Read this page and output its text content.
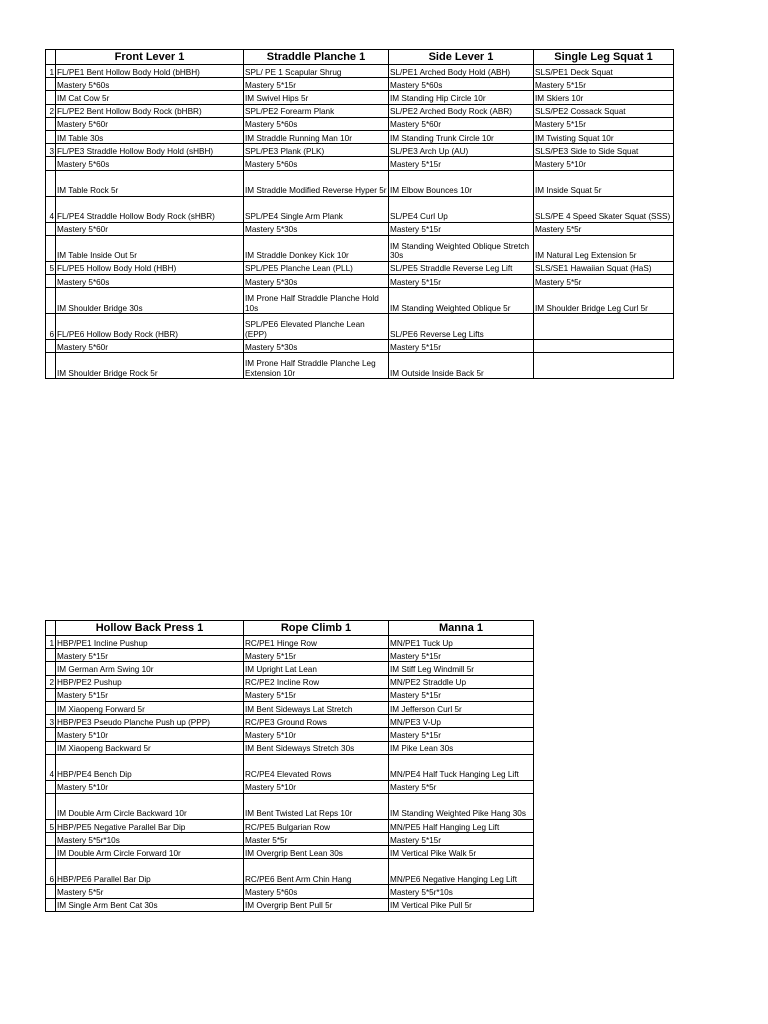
	Front Lever 1	Straddle Planche 1	Side Lever 1	Single Leg Squat 1
1	FL/PE1 Bent Hollow Body Hold (bHBH)	SPL/ PE 1 Scapular Shrug	SL/PE1 Arched Body Hold (ABH)	SLS/PE1 Deck Squat
	Mastery 5*60s	Mastery 5*15r	Mastery 5*60s	Mastery 5*15r
	IM Cat Cow 5r	IM Swivel Hips 5r	IM Standing Hip Circle 10r	IM Skiers 10r
2	FL/PE2 Bent Hollow Body Rock (bHBR)	SPL/PE2 Forearm Plank	SL/PE2 Arched Body Rock (ABR)	SLS/PE2 Cossack Squat
	Mastery 5*60r	Mastery 5*60s	Mastery 5*60r	Mastery 5*15r
	IM Table 30s	IM Straddle Running Man 10r	IM Standing Trunk Circle 10r	IM Twisting Squat 10r
3	FL/PE3 Straddle Hollow Body Hold (sHBH)	SPL/PE3 Plank (PLK)	SL/PE3 Arch Up (AU)	SLS/PE3 Side to Side Squat
	Mastery 5*60s	Mastery 5*60s	Mastery 5*15r	Mastery 5*10r
	IM Table Rock 5r	IM Straddle Modified Reverse Hyper 5r	IM Elbow Bounces 10r	IM Inside Squat 5r
4	FL/PE4 Straddle Hollow Body Rock (sHBR)	SPL/PE4 Single Arm Plank	SL/PE4 Curl Up	SLS/PE 4 Speed Skater Squat (SSS)
	Mastery 5*60r	Mastery 5*30s	Mastery 5*15r	Mastery 5*5r
	IM Table Inside Out 5r	IM Straddle Donkey Kick 10r	IM Standing Weighted Oblique Stretch 30s	IM Natural Leg Extension 5r
5	FL/PE5 Hollow Body Hold (HBH)	SPL/PE5 Planche Lean (PLL)	SL/PE5 Straddle Reverse Leg Lift	SLS/SE1 Hawaiian Squat (HaS)
	Mastery 5*60s	Mastery 5*30s	Mastery 5*15r	Mastery 5*5r
	IM Shoulder Bridge 30s	IM Prone Half Straddle Planche Hold 10s	IM Standing Weighted Oblique 5r	IM Shoulder Bridge Leg Curl 5r
6	FL/PE6 Hollow Body Rock (HBR)	SPL/PE6 Elevated Planche Lean (EPP)	SL/PE6 Reverse Leg Lifts	
	Mastery 5*60r	Mastery 5*30s	Mastery 5*15r	
	IM Shoulder Bridge Rock 5r	IM Prone Half Straddle Planche Leg Extension 10r	IM Outside Inside Back 5r	
	Hollow Back Press 1	Rope Climb 1	Manna 1
1	HBP/PE1 Incline Pushup	RC/PE1 Hinge Row	MN/PE1 Tuck Up
	Mastery 5*15r	Mastery 5*15r	Mastery 5*15r
	IM German Arm Swing 10r	IM Upright Lat Lean	IM Stiff Leg Windmill 5r
2	HBP/PE2 Pushup	RC/PE2 Incline Row	MN/PE2 Straddle Up
	Mastery 5*15r	Mastery 5*15r	Mastery 5*15r
	IM Xiaopeng Forward 5r	IM Bent Sideways Lat Stretch	IM Jefferson Curl 5r
3	HBP/PE3 Pseudo Planche Push up (PPP)	RC/PE3 Ground Rows	MN/PE3 V-Up
	Mastery 5*10r	Mastery 5*10r	Mastery 5*15r
	IM Xiaopeng Backward 5r	IM Bent Sideways Stretch 30s	IM Pike Lean 30s
4	HBP/PE4 Bench Dip	RC/PE4 Elevated Rows	MN/PE4 Half Tuck Hanging Leg Lift
	Mastery 5*10r	Mastery 5*10r	Mastery 5*5r
	IM Double Arm Circle Backward 10r	IM Bent Twisted Lat Reps 10r	IM Standing Weighted Pike Hang 30s
5	HBP/PE5 Negative Parallel Bar Dip	RC/PE5 Bulgarian Row	MN/PE5 Half Hanging Leg Lift
	Mastery 5*5r*10s	Master 5*5r	Mastery 5*15r
	IM Double Arm Circle Forward 10r	IM Overgrip Bent Lean 30s	IM Vertical Pike Walk 5r
6	HBP/PE6 Parallel Bar Dip	RC/PE6 Bent Arm Chin Hang	MN/PE6 Negative Hanging Leg Lift
	Mastery 5*5r	Mastery 5*60s	Mastery 5*5r*10s
	IM Single Arm Bent Cat 30s	IM Overgrip Bent Pull 5r	IM Vertical Pike Pull 5r
